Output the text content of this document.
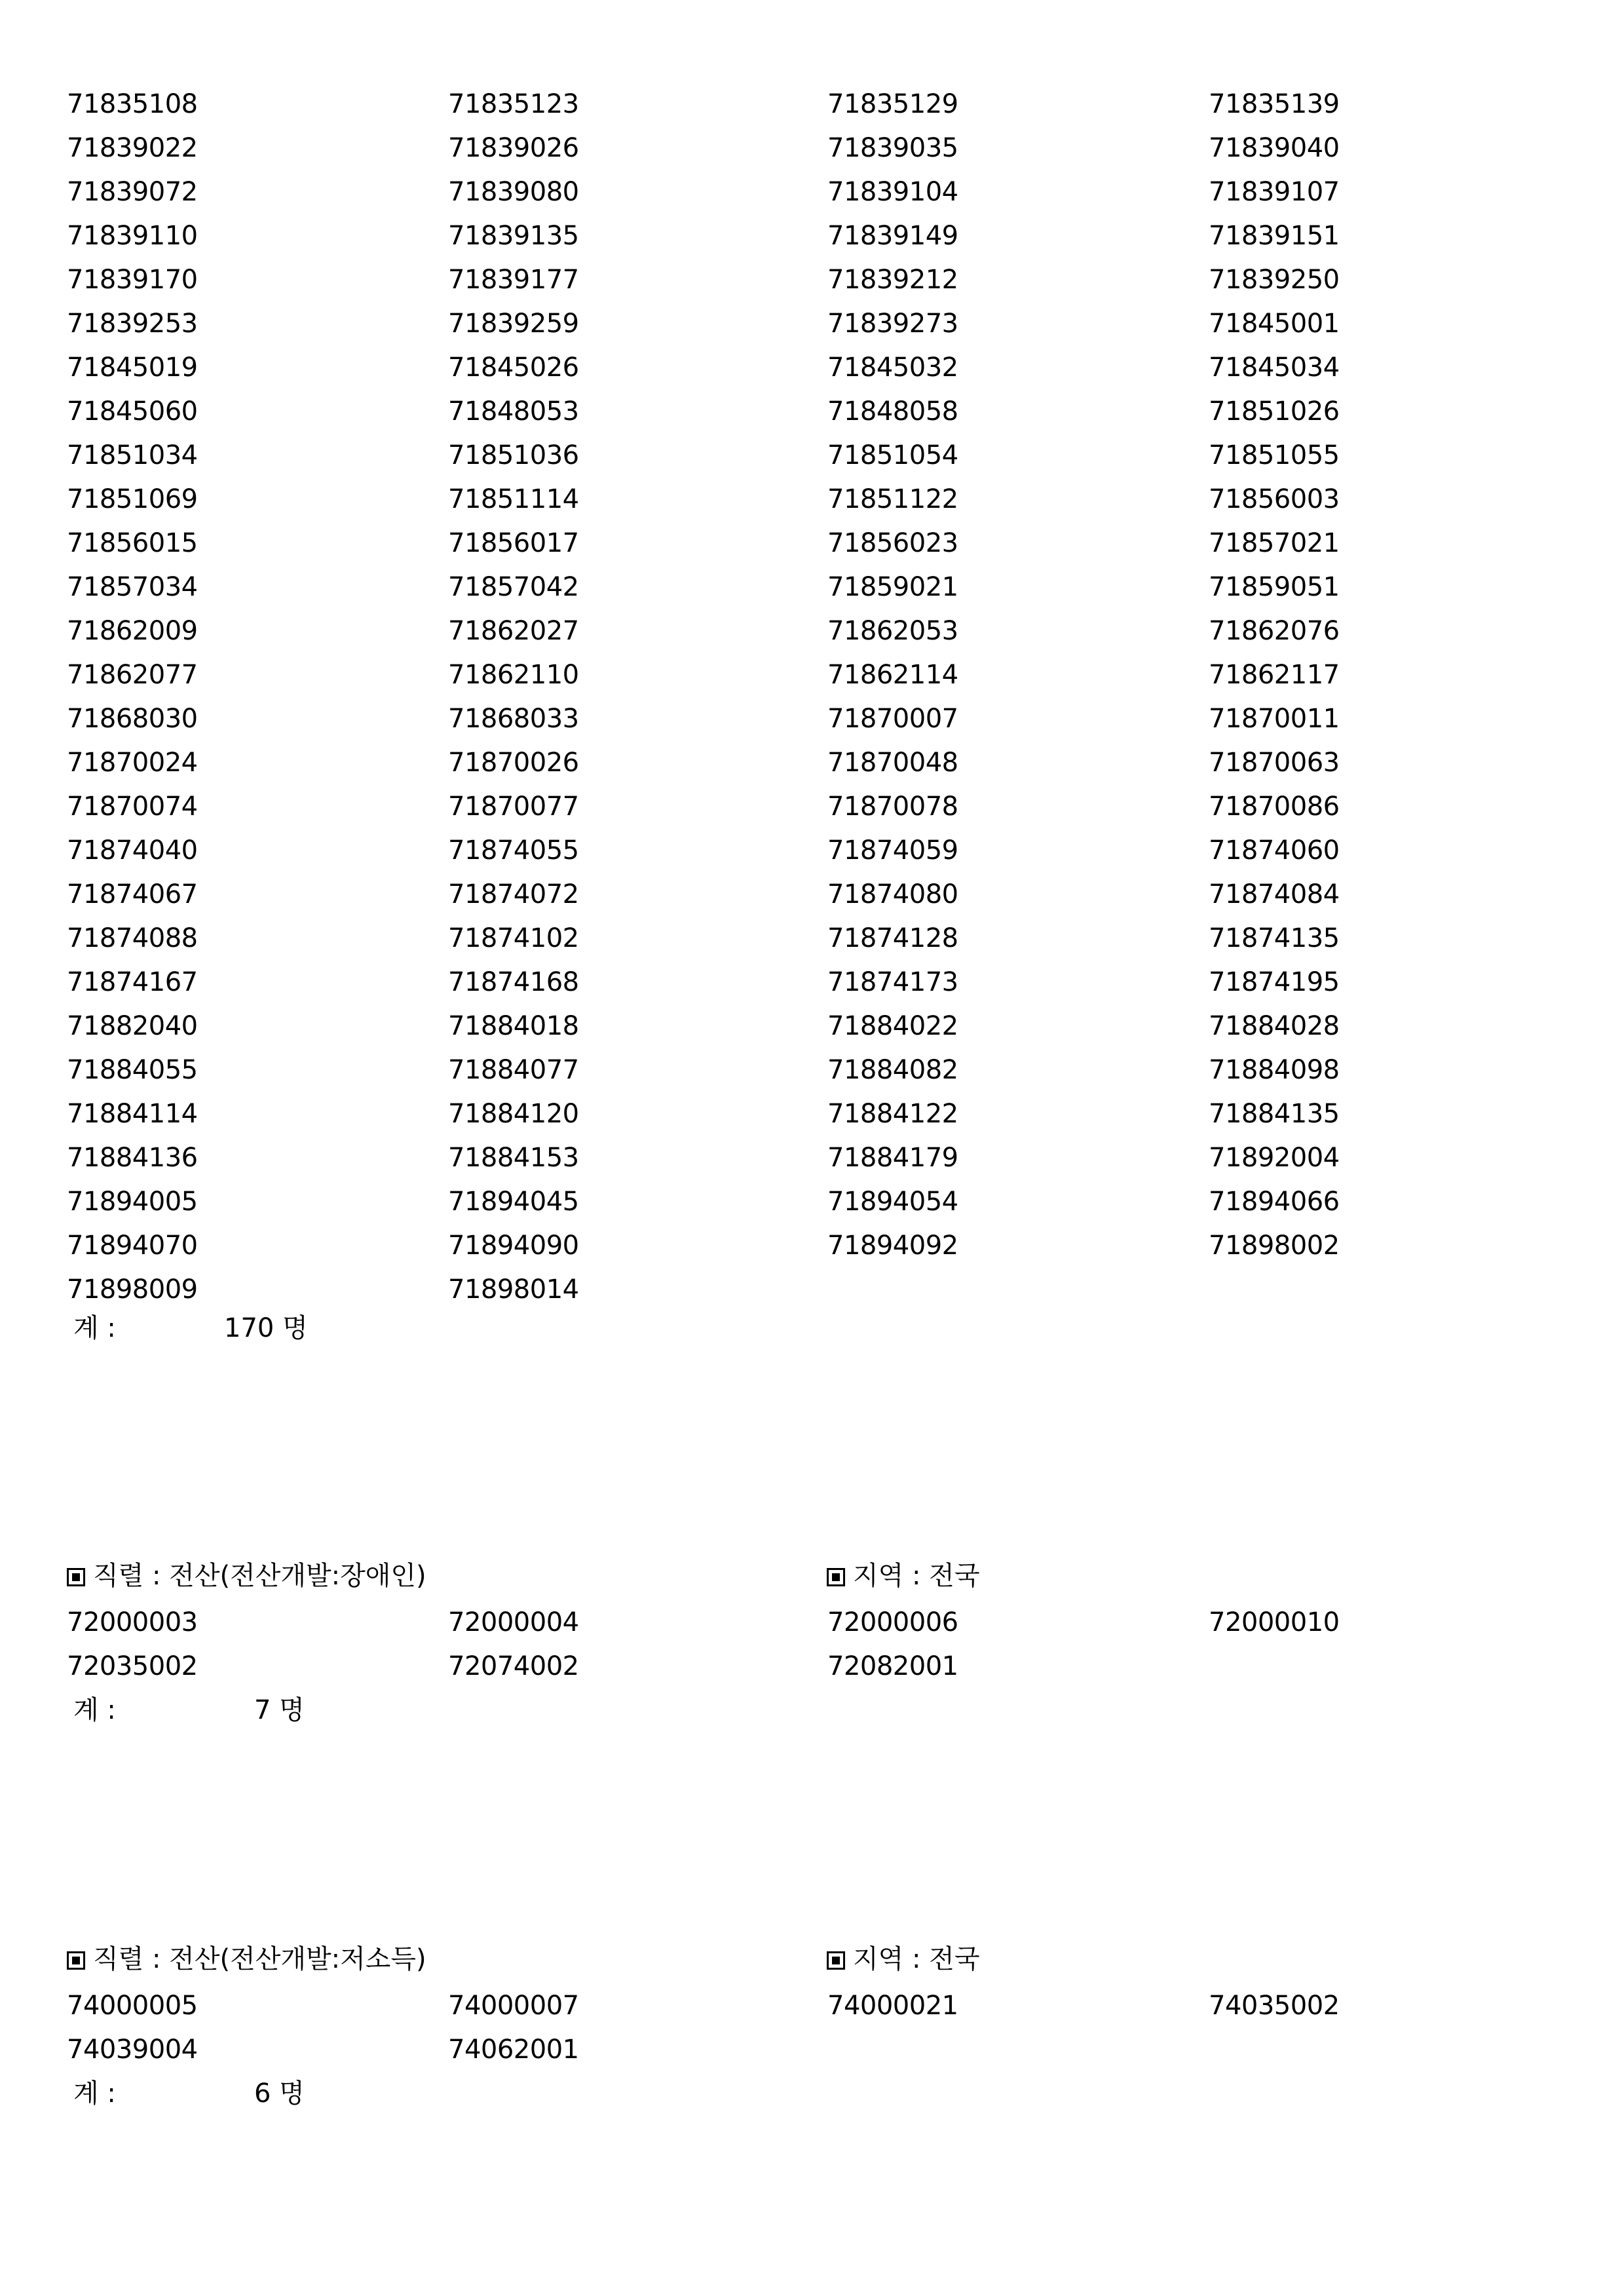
71835108	71835123	71835129	71835139
71839022	71839026	71839035	71839040
71839072	71839080	71839104	71839107
71839110	71839135	71839149	71839151
71839170	71839177	71839212	71839250
71839253	71839259	71839273	71845001
71845019	71845026	71845032	71845034
71845060	71848053	71848058	71851026
71851034	71851036	71851054	71851055
71851069	71851114	71851122	71856003
71856015	71856017	71856023	71857021
71857034	71857042	71859021	71859051
71862009	71862027	71862053	71862076
71862077	71862110	71862114	71862117
71868030	71868033	71870007	71870011
71870024	71870026	71870048	71870063
71870074	71870077	71870078	71870086
71874040	71874055	71874059	71874060
71874067	71874072	71874080	71874084
71874088	71874102	71874128	71874135
71874167	71874168	71874173	71874195
71882040	71884018	71884022	71884028
71884055	71884077	71884082	71884098
71884114	71884120	71884122	71884135
71884136	71884153	71884179	71892004
71894005	71894045	71894054	71894066
71894070	71894090	71894092	71898002
71898009	71898014
계 :	170 명
직렬 : 전산(전산개발:장애인)	지역 : 전국
72000003	72000004	72000006	72000010
72035002	72074002	72082001
계 :	7 명
직렬 : 전산(전산개발:저소득)	지역 : 전국
74000005	74000007	74000021	74035002
74039004	74062001
계 :	6 명
